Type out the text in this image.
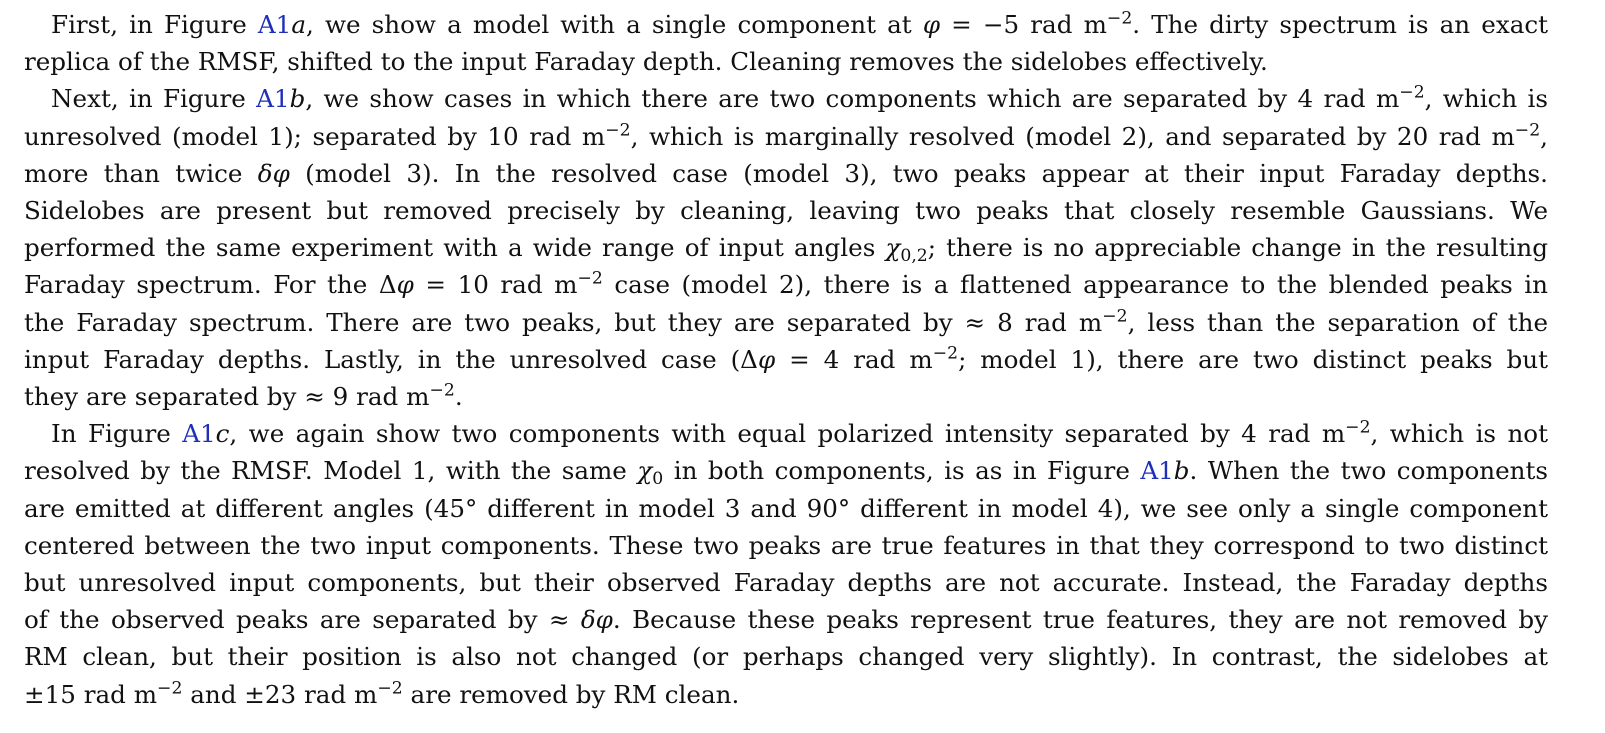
First, in Figure A1a, we show a model with a single component at φ = −5 rad $m^{-2}$. The dirty spectrum is an exact
replica of the RMSF, shifted to the input Faraday depth. Cleaning removes the sidelobes effectively.

Next, in Figure A1b, we show cases in which there are two components which are separated by 4 rad $m^{-2}$, which is
unresolved (model 1); separated by 10 rad $m^{-2}$, which is marginally resolved (model 2), and separated by 20 rad $m^{-2}$,
more than twice δφ (model 3). In the resolved case (model 3), two peaks appear at their input Faraday depths.
Sidelobes are present but removed precisely by cleaning, leaving two peaks that closely resemble Gaussians. We
performed the same experiment with a wide range of input angles $\chi_{0,2}$; there is no appreciable change in the resulting
Faraday spectrum. For the Δφ = 10 rad $m^{-2}$ case (model 2), there is a flattened appearance to the blended peaks in
the Faraday spectrum. There are two peaks, but they are separated by ≈ 8 rad $m^{-2}$, less than the separation of the
input Faraday depths. Lastly, in the unresolved case (Δφ = 4 rad $m^{-2}$; model 1), there are two distinct peaks but
they are separated by ≈ 9 rad $m^{-2}$.

In Figure A1c, we again show two components with equal polarized intensity separated by 4 rad $m^{-2}$, which is not
resolved by the RMSF. Model 1, with the same $\chi_0$ in both components, is as in Figure A1b. When the two components
are emitted at different angles (45° different in model 3 and 90° different in model 4), we see only a single component
centered between the two input components. These two peaks are true features in that they correspond to two distinct
but unresolved input components, but their observed Faraday depths are not accurate. Instead, the Faraday depths
of the observed peaks are separated by ≈ δφ. Because these peaks represent true features, they are not removed by
RM clean, but their position is also not changed (or perhaps changed very slightly). In contrast, the sidelobes at
±15 rad $m^{-2}$ and ±23 rad $m^{-2}$ are removed by RM clean.
